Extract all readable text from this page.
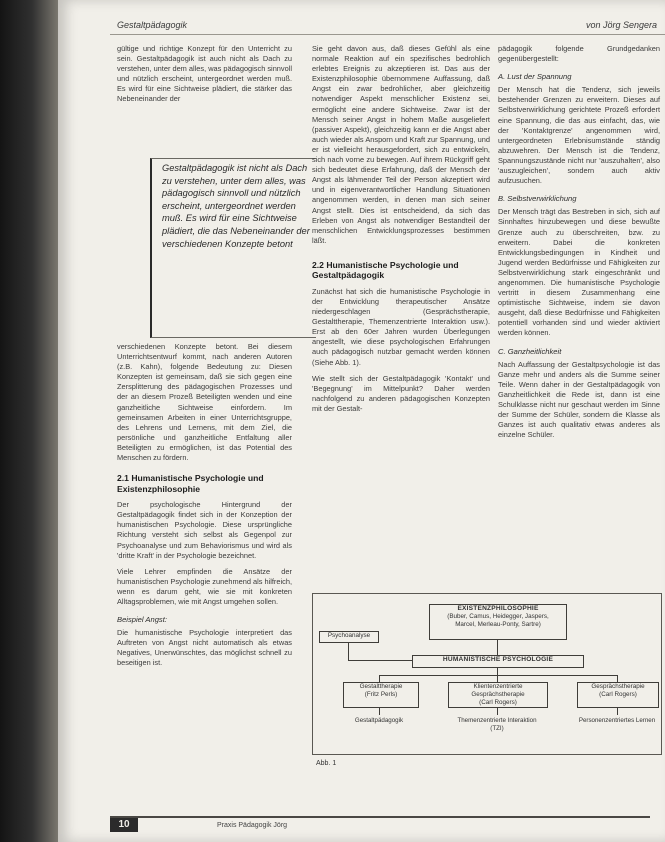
Gestaltpädagogik	von Jörg Sengera

gültige und richtige Konzept für den Unterricht zu sein. Gestaltpädagogik ist auch nicht als Dach zu verstehen, unter dem alles, was pädagogisch sinnvoll und nützlich erscheint, untergeordnet werden muß. Es wird für eine Sichtweise plädiert, die stärker das Nebeneinander der

Gestaltpädagogik ist nicht als Dach zu verstehen, unter dem alles, was pädagogisch sinnvoll und nützlich erscheint, untergeordnet werden muß. Es wird für eine Sichtweise plädiert, die das Nebeneinander der verschiedenen Konzepte betont

verschiedenen Konzepte betont. Bei diesem Unterrichtsentwurf kommt, nach anderen Autoren (z.B. Kahn), folgende Bedeutung zu: Diesen Konzepten ist gemeinsam, daß sie sich gegen eine Zersplitterung des pädagogischen Prozesses und der an diesem Prozeß Beteiligten wenden und eine ganzheitliche Sichtweise einfordern. Im gemeinsamen Arbeiten in einer Unterrichtsgruppe, des Lehrens und Lernens, mit dem Ziel, die persönliche und ganzheitliche Entfaltung aller Beteiligten zu ermöglichen, ist das Potential des Menschen zu fördern.

2.1 Humanistische Psychologie und Existenzphilosophie

Der psychologische Hintergrund der Gestaltpädagogik findet sich in der Konzeption der humanistischen Psychologie. Diese ursprüngliche Richtung versteht sich selbst als Gegenpol zur Psychoanalyse und zum Behaviorismus und wird als 'dritte Kraft' in der Psychologie bezeichnet.

Viele Lehrer empfinden die Ansätze der humanistischen Psychologie zunehmend als hilfreich, wenn es darum geht, wie sie mit konkreten Alltagsproblemen, wie mit Angst umgehen sollen.

Beispiel Angst:

Die humanistische Psychologie interpretiert das Auftreten von Angst nicht automatisch als etwas Negatives, Unerwünschtes, das möglichst schnell zu beseitigen ist.

Sie geht davon aus, daß dieses Gefühl als eine normale Reaktion auf ein spezifisches bedrohlich erlebtes Ereignis zu akzeptieren ist. Das aus der Existenzphilosophie übernommene Auffassung, daß Angst ein zwar bedrohlicher, aber gleichzeitig notwendiger Aspekt menschlicher Existenz sei, ermöglicht eine andere Sichtweise. Zwar ist der Mensch seiner Angst in hohem Maße ausgeliefert (passiver Aspekt), gleichzeitig kann er die Angst aber auch wieder als Ansporn und Kraft zur Spannung, und er ist vielleicht herausgefordert, sich zu entwickeln, sich nach vorne zu bewegen. Auf ihrem Rückgriff geht sich bedeutet diese Erfahrung, daß der Mensch der Angst als lähmender Teil der Person akzeptiert wird und in eigenverantwortlicher Handlung Situationen angenommen werden, in denen man sich seiner Angst stellt. Dies ist entscheidend, da sich das Erleben von Angst als notwendiger Bestandteil der menschlichen Entwicklungsprozesses bestimmen läßt.

2.2 Humanistische Psychologie und Gestaltpädagogik

Zunächst hat sich die humanistische Psychologie in der Entwicklung therapeutischer Ansätze niedergeschlagen (Gesprächstherapie, Gestalttherapie, Themenzentrierte Interaktion usw.). Erst ab den 60er Jahren wurden Überlegungen angestellt, wie diese psychologischen Erfahrungen auch pädagogisch nutzbar gemacht werden können (Siehe Abb. 1).

Wie stellt sich der Gestaltpädagogik 'Kontakt' und 'Begegnung' im Mittelpunkt? Daher werden nachfolgend zu anderen pädagogischen Konzepten mit der Gestalt-

pädagogik folgende Grundgedanken gegenübergestellt:

A. Lust der Spannung

Der Mensch hat die Tendenz, sich jeweils bestehender Grenzen zu erweitern. Dieses auf Selbstverwirklichung gerichtete Prozeß erfordert eine Spannung, die das aus einfacht, das, wie der 'Kontaktgrenze' angenommen wird, untergeordneten Erlebnisumstände ständig abzuwehren. Der Mensch ist die Tendenz, Spannungszustände nicht nur 'auszuhalten', also 'auszugleichen', sondern auch aktiv aufzusuchen.

B. Selbstverwirklichung

Der Mensch trägt das Bestreben in sich, sich auf Sinnhaftes hinzubewegen und diese bewußte Grenze auch zu überschreiten, bzw. zu erweitern. Dabei die konkreten Entwicklungsbedingungen in Kindheit und Jugend werden Bedürfnisse und Fähigkeiten zur Selbstverwirklichung stark eingeschränkt und angenommen. Die humanistische Psychologie vertritt in diesem Zusammenhang eine optimistische Sichtweise, indem sie davon ausgeht, daß diese Bedürfnisse und Fähigkeiten potentiell vorhanden sind und wieder aktiviert werden können.

C. Ganzheitlichkeit

Nach Auffassung der Gestaltpsychologie ist das Ganze mehr und anders als die Summe seiner Teile. Wenn daher in der Gestaltpädagogik von Ganzheitlichkeit die Rede ist, dann ist eine Schulklasse nicht nur geschaut werden im Sinne der Summe der Schüler, sondern die Klasse als Ganzes ist auch qualitativ etwas anderes als einzelne Schüler.

EXISTENZPHILOSOPHIE
(Buber, Camus, Heidegger, Jaspers,
Marcel, Merleau-Ponty, Sartre)
Psychoanalyse
HUMANISTISCHE PSYCHOLOGIE
Gestalttherapie
(Fritz Perls)
Klientenzentrierte Gesprächstherapie
(Carl Rogers)
Gesprächstherapie
(Carl Rogers)
Gestaltpädagogik	Themenzentrierte Interaktion (TZI)
Personenzentriertes Lernen
Abb. 1
10	Praxis Pädagogik Jörg
